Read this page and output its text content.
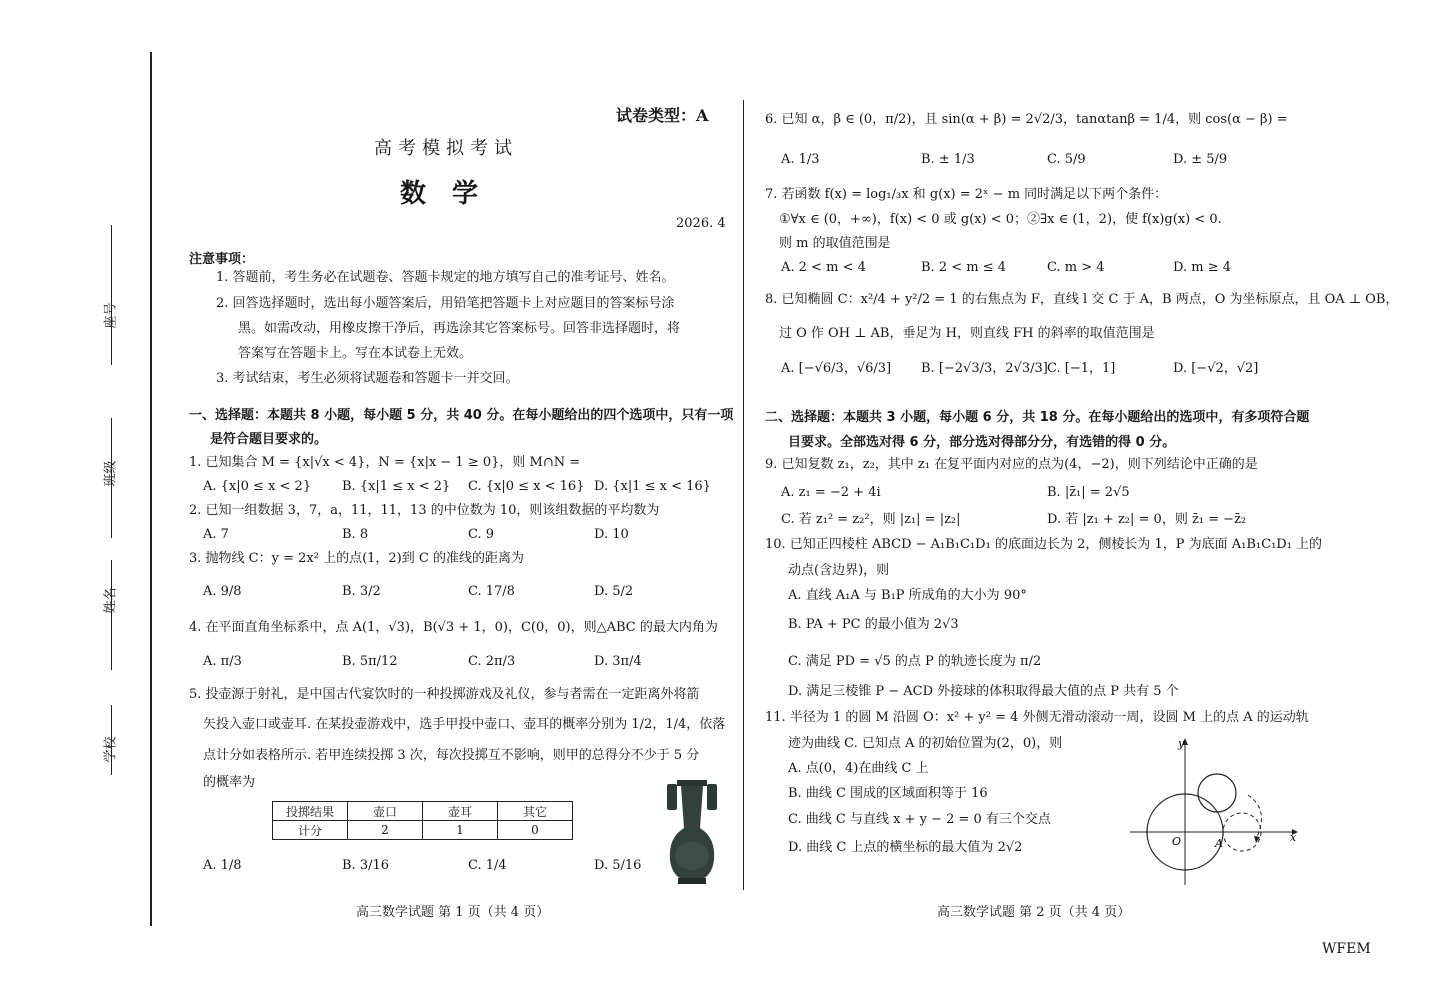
座号
班级
姓名
学校
试卷类型：A
高考模拟考试
数　学
2026. 4
注意事项：
1. 答题前，考生务必在试题卷、答题卡规定的地方填写自己的准考证号、姓名。
2. 回答选择题时，选出每小题答案后，用铅笔把答题卡上对应题目的答案标号涂
黑。如需改动，用橡皮擦干净后，再选涂其它答案标号。回答非选择题时，将
答案写在答题卡上。写在本试卷上无效。
3. 考试结束，考生必须将试题卷和答题卡一并交回。
一、选择题：本题共 8 小题，每小题 5 分，共 40 分。在每小题给出的四个选项中，只有一项
是符合题目要求的。
1. 已知集合 M = {x|√x < 4}，N = {x|x − 1 ≥ 0}，则 M∩N =
A. {x|0 ≤ x < 2} B. {x|1 ≤ x < 2} C. {x|0 ≤ x < 16} D. {x|1 ≤ x < 16}
2. 已知一组数据 3，7，a，11，11，13 的中位数为 10，则该组数据的平均数为
A. 7	B. 8	C. 9	D. 10
3. 抛物线 C：y = 2x² 上的点(1，2)到 C 的准线的距离为
A. 9/8	B. 3/2	C. 17/8	D. 5/2
4. 在平面直角坐标系中，点 A(1，√3)，B(√3 + 1，0)，C(0，0)，则△ABC 的最大内角为
A. π/3	B. 5π/12	C. 2π/3	D. 3π/4
5. 投壶源于射礼，是中国古代宴饮时的一种投掷游戏及礼仪，参与者需在一定距离外将箭
矢投入壶口或壶耳. 在某投壶游戏中，选手甲投中壶口、壶耳的概率分别为 1/2，1/4，依落
点计分如表格所示. 若甲连续投掷 3 次，每次投掷互不影响，则甲的总得分不少于 5 分
的概率为
投掷结果	壶口	壶耳	其它
计分	2	1	0
A. 1/8	B. 3/16	C. 1/4	D. 5/16
高三数学试题 第 1 页（共 4 页）
6. 已知 α，β ∈ (0，π/2)，且 sin(α + β) = 2√2/3，tanαtanβ = 1/4，则 cos(α − β) =
A. 1/3	B. ± 1/3	C. 5/9	D. ± 5/9
7. 若函数 f(x) = log₁/₃x 和 g(x) = 2ˣ − m 同时满足以下两个条件：
①∀x ∈ (0，+∞)，f(x) < 0 或 g(x) < 0；②∃x ∈ (1，2)，使 f(x)g(x) < 0.
则 m 的取值范围是
A. 2 < m < 4	B. 2 < m ≤ 4	C. m > 4	D. m ≥ 4
8. 已知椭圆 C：x²/4 + y²/2 = 1 的右焦点为 F，直线 l 交 C 于 A，B 两点，O 为坐标原点，且 OA ⊥ OB，
过 O 作 OH ⊥ AB，垂足为 H，则直线 FH 的斜率的取值范围是
A. [−√6/3，√6/3] B. [−2√3/3，2√3/3] C. [−1，1]	D. [−√2，√2]
二、选择题：本题共 3 小题，每小题 6 分，共 18 分。在每小题给出的选项中，有多项符合题
目要求。全部选对得 6 分，部分选对得部分分，有选错的得 0 分。
9. 已知复数 z₁，z₂，其中 z₁ 在复平面内对应的点为(4，−2)，则下列结论中正确的是
A. z₁ = −2 + 4i	B. |z̄₁| = 2√5
C. 若 z₁² = z₂²，则 |z₁| = |z₂|	D. 若 |z₁ + z₂| = 0，则 z̄₁ = −z̄₂
10. 已知正四棱柱 ABCD − A₁B₁C₁D₁ 的底面边长为 2，侧棱长为 1，P 为底面 A₁B₁C₁D₁ 上的
动点(含边界)，则
A. 直线 A₁A 与 B₁P 所成角的大小为 90°
B. PA + PC 的最小值为 2√3
C. 满足 PD = √5 的点 P 的轨迹长度为 π/2
D. 满足三棱锥 P − ACD 外接球的体积取得最大值的点 P 共有 5 个
11. 半径为 1 的圆 M 沿圆 O：x² + y² = 4 外侧无滑动滚动一周，设圆 M 上的点 A 的运动轨
迹为曲线 C. 已知点 A 的初始位置为(2，0)，则
A. 点(0，4)在曲线 C 上
B. 曲线 C 围成的区域面积等于 16
C. 曲线 C 与直线 x + y − 2 = 0 有三个交点
D. 曲线 C 上点的横坐标的最大值为 2√2
y
x
O	A
高三数学试题 第 2 页（共 4 页）
WFEM
